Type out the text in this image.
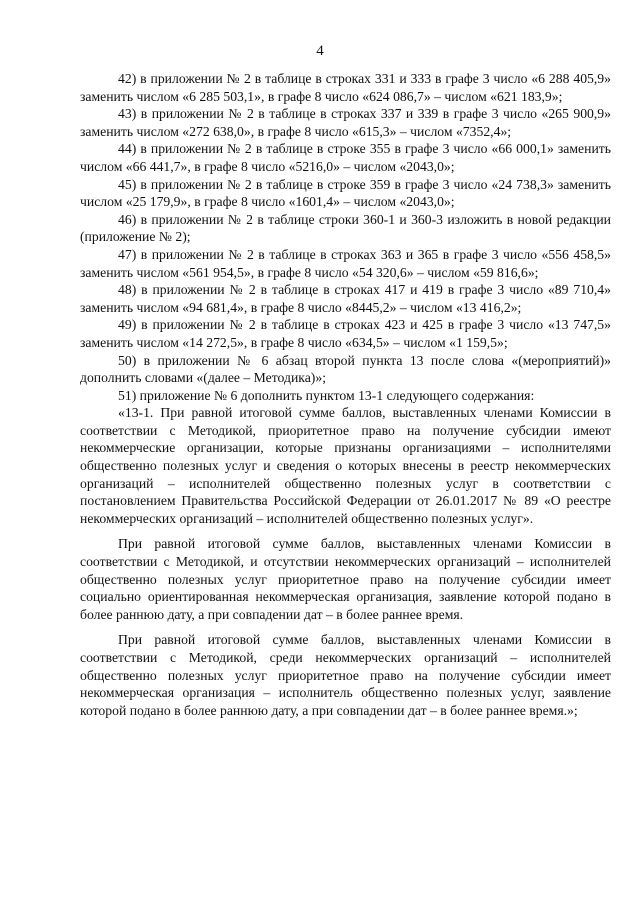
4

42) в приложении № 2 в таблице в строках 331 и 333 в графе 3 число «6 288 405,9» заменить числом «6 285 503,1», в графе 8 число «624 086,7» – числом «621 183,9»;

43) в приложении № 2 в таблице в строках 337 и 339 в графе 3 число «265 900,9» заменить числом «272 638,0», в графе 8 число «615,3» – числом «7352,4»;

44) в приложении № 2 в таблице в строке 355 в графе 3 число «66 000,1» заменить числом «66 441,7», в графе 8 число «5216,0» – числом «2043,0»;

45) в приложении № 2 в таблице в строке 359 в графе 3 число «24 738,3» заменить числом «25 179,9», в графе 8 число «1601,4» – числом «2043,0»;

46) в приложении № 2 в таблице строки 360-1 и 360-3 изложить в новой редакции (приложение № 2);

47) в приложении № 2 в таблице в строках 363 и 365 в графе 3 число «556 458,5» заменить числом «561 954,5», в графе 8 число «54 320,6» – числом «59 816,6»;

48) в приложении № 2 в таблице в строках 417 и 419 в графе 3 число «89 710,4» заменить числом «94 681,4», в графе 8 число «8445,2» – числом «13 416,2»;

49) в приложении № 2 в таблице в строках 423 и 425 в графе 3 число «13 747,5» заменить числом «14 272,5», в графе 8 число «634,5» – числом «1 159,5»;

50) в приложении № 6 абзац второй пункта 13 после слова «(мероприятий)» дополнить словами «(далее – Методика)»;

51) приложение № 6 дополнить пунктом 13-1 следующего содержания:

«13-1. При равной итоговой сумме баллов, выставленных членами Комиссии в соответствии с Методикой, приоритетное право на получение субсидии имеют некоммерческие организации, которые признаны организациями – исполнителями общественно полезных услуг и сведения о которых внесены в реестр некоммерческих организаций – исполнителей общественно полезных услуг в соответствии с постановлением Правительства Российской Федерации от 26.01.2017 № 89 «О реестре некоммерческих организаций – исполнителей общественно полезных услуг».

При равной итоговой сумме баллов, выставленных членами Комиссии в соответствии с Методикой, и отсутствии некоммерческих организаций – исполнителей общественно полезных услуг приоритетное право на получение субсидии имеет социально ориентированная некоммерческая организация, заявление которой подано в более раннюю дату, а при совпадении дат – в более раннее время.

При равной итоговой сумме баллов, выставленных членами Комиссии в соответствии с Методикой, среди некоммерческих организаций – исполнителей общественно полезных услуг приоритетное право на получение субсидии имеет некоммерческая организация – исполнитель общественно полезных услуг, заявление которой подано в более раннюю дату, а при совпадении дат – в более раннее время.»;
